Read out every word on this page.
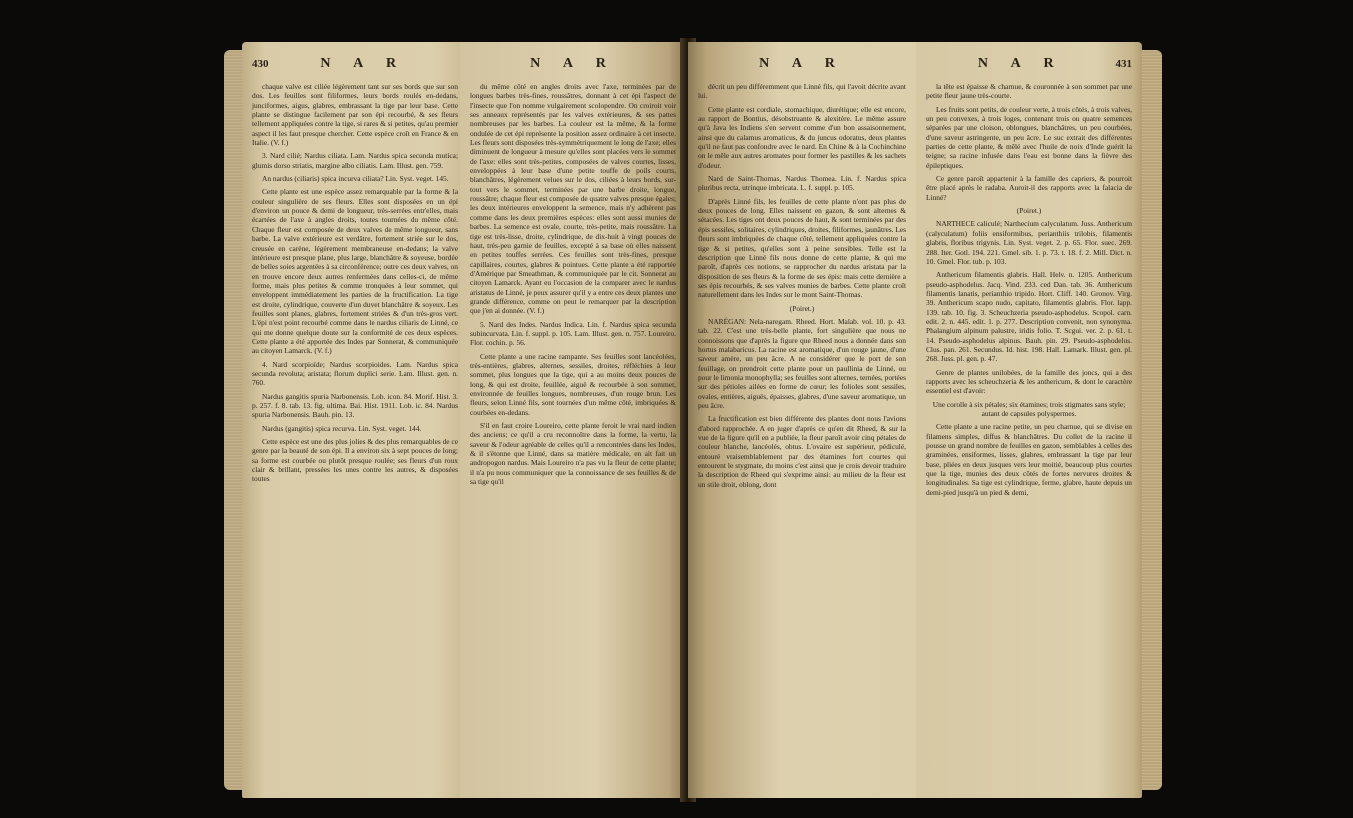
430	N A R

chaque valve est ciliée légèrement tant sur ses bords que sur son dos. Les feuilles sont filiformes, leurs bords roulés en-dedans, junciformes, aigus, glabres, embrassant la tige par leur base. Cette plante se distingue facilement par son épi recourbé, & ses fleurs tellement appliquées contre la tige, si rares & si petites, qu'au premier aspect il les faut presque chercher. Cette espèce croît en France & en Italie. (V. f.)

3. Nard cilié; Nardus ciliata. Lam. Nardus spica secunda mutica; glumis dorso striatis, margine albo ciliatis. Lam. Illust. gen. 759.

An nardus (ciliaris) spica incurva ciliata? Lin. Syst. veget. 145.

Cette plante est une espèce assez remarquable par la forme & la couleur singulière de ses fleurs. Elles sont disposées en un épi d'environ un pouce & demi de longueur, très-serrées entr'elles, mais écartées de l'axe à angles droits, toutes tournées du même côté. Chaque fleur est composée de deux valves de même longueur, sans barbe. La valve extérieure est verdâtre, fortement striée sur le dos, creusée en carène, légèrement membraneuse en-dedans; la valve intérieure est presque plane, plus large, blanchâtre & soyeuse, bordée de belles soies argentées à sa circonférence; outre ces deux valves, on en trouve encore deux autres renfermées dans celles-ci, de même forme, mais plus petites & comme tronquées à leur sommet, qui enveloppent immédiatement les parties de la fructification. La tige est droite, cylindrique, couverte d'un duvet blanchâtre & soyeux. Les feuilles sont planes, glabres, fortement striées & d'un très-gros vert. L'épi n'est point recourbé comme dans le nardus ciliaris de Linné, ce qui me donne quelque doute sur la conformité de ces deux espèces. Cette plante a été apportée des Indes par Sonnerat, & communiquée au citoyen Lamarck. (V. f.)

4. Nard scorpioïde; Nardus scorpioides. Lam. Nardus spica secunda revoluta; aristata; florum duplici serie. Lam. Illust. gen. n. 760.

Nardus gangitis spuria Narbonensis. Lob. icon. 84. Morif. Hist. 3. p. 257. f. 8. tab. 13. fig. ultima. Bai. Hist. 1911. Lob. ic. 84. Nardus spuria Narbonensis. Bauh. pin. 13.

Nardus (gangitis) spica recurva. Lin. Syst. veget. 144.

Cette espèce est une des plus jolies & des plus remarquables de ce genre par la beauté de son épi. Il a environ six à sept pouces de long; sa forme est courbée ou plutôt presque roulée; ses fleurs d'un roux clair & brillant, pressées les unes contre les autres, & disposées toutes

N A R

du même côté en angles droits avec l'axe, terminées par de longues barbes très-fines, roussâtres, donnant à cet épi l'aspect de l'insecte que l'on nomme vulgairement scolopendre. On croiroit voir ses anneaux représentés par les valves extérieures, & ses pattes nombreuses par les barbes. La couleur est la même, & la forme ondulée de cet épi représente la position assez ordinaire à cet insecte. Les fleurs sont disposées très-symmétriquement le long de l'axe; elles diminuent de longueur à mesure qu'elles sont placées vers le sommet de l'axe: elles sont très-petites, composées de valves courtes, lisses, enveloppées à leur base d'une petite touffe de poils courts, blanchâtres, légèrement velues sur le dos, ciliées à leurs bords, sur-tout vers le sommet, terminées par une barbe droite, longue, roussâtre; chaque fleur est composée de quatre valves presque égales; les deux intérieures enveloppent la semence, mais n'y adhèrent pas comme dans les deux premières espèces: elles sont aussi munies de barbes. La semence est ovale, courte, très-petite, mais roussâtre. La tige est très-lisse, droite, cylindrique, de dix-huit à vingt pouces de haut, très-peu garnie de feuilles, excepté à sa base où elles naissent en petites touffes serrées. Ces feuilles sont très-fines, presque capillaires, courtes, glabres & pointues. Cette plante a été rapportée d'Amérique par Smeathman, & communiquée par le cit. Sonnerat au citoyen Lamarck. Ayant eu l'occasion de la comparer avec le nardus aristatus de Linné, je peux assurer qu'il y a entre ces deux plantes une grande différence, comme on peut le remarquer par la description que j'en ai donnée. (V. f.)

5. Nard des Indes. Nardus Indica. Lin. f. Nardus spica secunda subincurvata. Lin. f. suppl. p. 105. Lam. Illust. gen. n. 757. Loureiro. Flor. cochin. p. 56.

Cette plante a une racine rampante. Ses feuilles sont lancéolées, très-entières, glabres, alternes, sessiles, droites, réfléchies à leur sommet, plus longues que la tige, qui a au moins deux pouces de long, & qui est droite, feuillée, aiguë & recourbée à son sommet, environnée de feuilles longues, nombreuses, d'un rouge brun. Les fleurs, selon Linné fils, sont tournées d'un même côté, imbriquées & courbées en-dedans.

S'il en faut croire Loureiro, cette plante feroit le vrai nard indien des anciens; ce qu'il a cru reconnoître dans la forme, la vertu, la saveur & l'odeur agréable de celles qu'il a rencontrées dans les Indes, & il s'étonne que Linné, dans sa matière médicale, en ait fait un andropogon nardus. Mais Loureiro n'a pas vu la fleur de cette plante; il n'a pu nous communiquer que la connoissance de ses feuilles & de sa tige qu'il

N A R

décrit un peu différemment que Linné fils, qui l'avoit décrite avant lui.

Cette plante est cordiale, stomachique, diurétique; elle est encore, au rapport de Bontius, désobstruante & alexitère. Le même assure qu'à Java les Indiens s'en servent comme d'un bon assaisonnement, ainsi que du calamus aromaticus, & du juncus odoratus, deux plantes qu'il ne faut pas confondre avec le nard. En Chine & à la Cochinchine on le mêle aux autres aromates pour former les pastilles & les sachets d'odeur.

Nard de Saint-Thomas, Nardus Thomea. Lin. f. Nardus spica pluribus recta, utrinque imbricata. L. f. suppl. p. 105.

D'après Linné fils, les feuilles de cette plante n'ont pas plus de deux pouces de long. Elles naissent en gazon, & sont alternes & sétacées. Les tiges ont deux pouces de haut, & sont terminées par des épis sessiles, solitaires, cylindriques, droites, filiformes, jaunâtres. Les fleurs sont imbriquées de chaque côté, tellement appliquées contre la tige & si petites, qu'elles sont à peine sensibles. Telle est la description que Linné fils nous donne de cette plante, & qui me paroît, d'après ces notions, se rapprocher du nardus aristata par la disposition de ses fleurs & la forme de ses épis: mais cette dernière a ses épis recourbés, & ses valves munies de barbes. Cette plante croît naturellement dans les Indes sur le mont Saint-Thomas.

(Poiret.)

NARÉGAN: Nela-naregam. Rheed. Hort. Malab. vol. 10. p. 43. tab. 22. C'est une très-belle plante, fort singulière que nous ne connoissons que d'après la figure que Rheed nous a donnée dans son hortus malabaricus. La racine est aromatique, d'un rouge jaune, d'une saveur amère, un peu âcre. A ne considérer que le port de son feuillage, on prendroit cette plante pour un paullinia de Linné, ou pour le limonia monophylla; ses feuilles sont alternes, ternées, portées sur des pétioles ailées en forme de cœur; les folioles sont sessiles, ovales, entières, aiguës, épaisses, glabres, d'une saveur aromatique, un peu âcre.

La fructification est bien différente des plantes dont nous l'avions d'abord rapprochée. A en juger d'après ce qu'en dit Rheed, & sur la vue de la figure qu'il en a publiée, la fleur paroît avoir cinq pétales de couleur blanche, lancéolés, obtus. L'ovaire est supérieur, pédiculé, entouré vraisemblablement par des étamines fort courtes qui entourent le stygmate, du moins c'est ainsi que je crois devoir traduire la description de Rheed qui s'exprime ainsi: au milieu de la fleur est un stile droit, oblong, dont

N A R	431

la tête est épaisse & charnue, & couronnée à son sommet par une petite fleur jaune très-courte.

Les fruits sont petits, de couleur verte, à trois côtés, à trois valves, un peu convexes, à trois loges, contenant trois ou quatre semences séparées par une cloison, oblongues, blanchâtres, un peu courbées, d'une saveur astringente, un peu âcre. Le suc extrait des différentes parties de cette plante, & mêlé avec l'huile de noix d'Inde guérit la teigne; sa racine infusée dans l'eau est bonne dans la fièvre des épileptiques.

Ce genre paroît appartenir à la famille des capriers, & pourroit être placé après le radaba. Auroit-il des rapports avec la falacia de Linné?

(Poiret.)

NARTHECE caliculé; Narthecium calyculatum. Juss. Anthericum (calyculatum) foliis ensiformibus, perianthiis trilobis, filamentis glabris, floribus trigynis. Lin. Syst. veget. 2. p. 65. Flor. suec. 269. 288. Iter. Gotl. 194. 221. Gmel. sib. 1. p. 73. t. 18. f. 2. Mill. Dict. n. 10. Gmel. Flor. tub. p. 103.

Anthericum filamentis glabris. Hall. Helv. n. 1205. Anthericum pseudo-asphodelus. Jacq. Vind. 233. ced Dan. tab. 36. Anthericum filamentis lanatis, perianthio tripido. Hort. Cliff. 140. Gronov. Virg. 39. Anthericum scapo nudo, capitato, filamentis glabris. Flor. lapp. 139. tab. 10. fig. 3. Scheuchzeria pseudo-asphodelus. Scopol. carn. edit. 2. n. 445. edit. 1. p. 277. Description convenit, non synonyma. Phalangium alpinum palustre, iridis folio. T. Scgui. ver. 2. p. 61. t. 14. Pseudo-asphodelus alpinus. Bauh. pin. 29. Pseudo-asphodelus. Clus. pan. 261. Secundus. Id. hist. 198. Hall. Lamark. Illust. gen. pl. 268. Juss. pl. gen. p. 47.

Genre de plantes unilobées, de la famille des joncs, qui a des rapports avec les scheuchzeria & les anthericum, & dont le caractère essentiel est d'avoir:

Une corolle à six pétales; six étamines; trois stigmates sans style; autant de capsules polyspermes.

Cette plante a une racine petite, un peu charnue, qui se divise en filamens simples, diffus & blanchâtres. Du collet de la racine il pousse un grand nombre de feuilles en gazon, semblables à celles des graminées, ensiformes, lisses, glabres, embrassant la tige par leur base, pliées en deux jusques vers leur moitié, beaucoup plus courtes que la tige, munies des deux côtés de fortes nervures droites & longitudinales. Sa tige est cylindrique, ferme, glabre, haute depuis un demi-pied jusqu'à un pied & demi,
